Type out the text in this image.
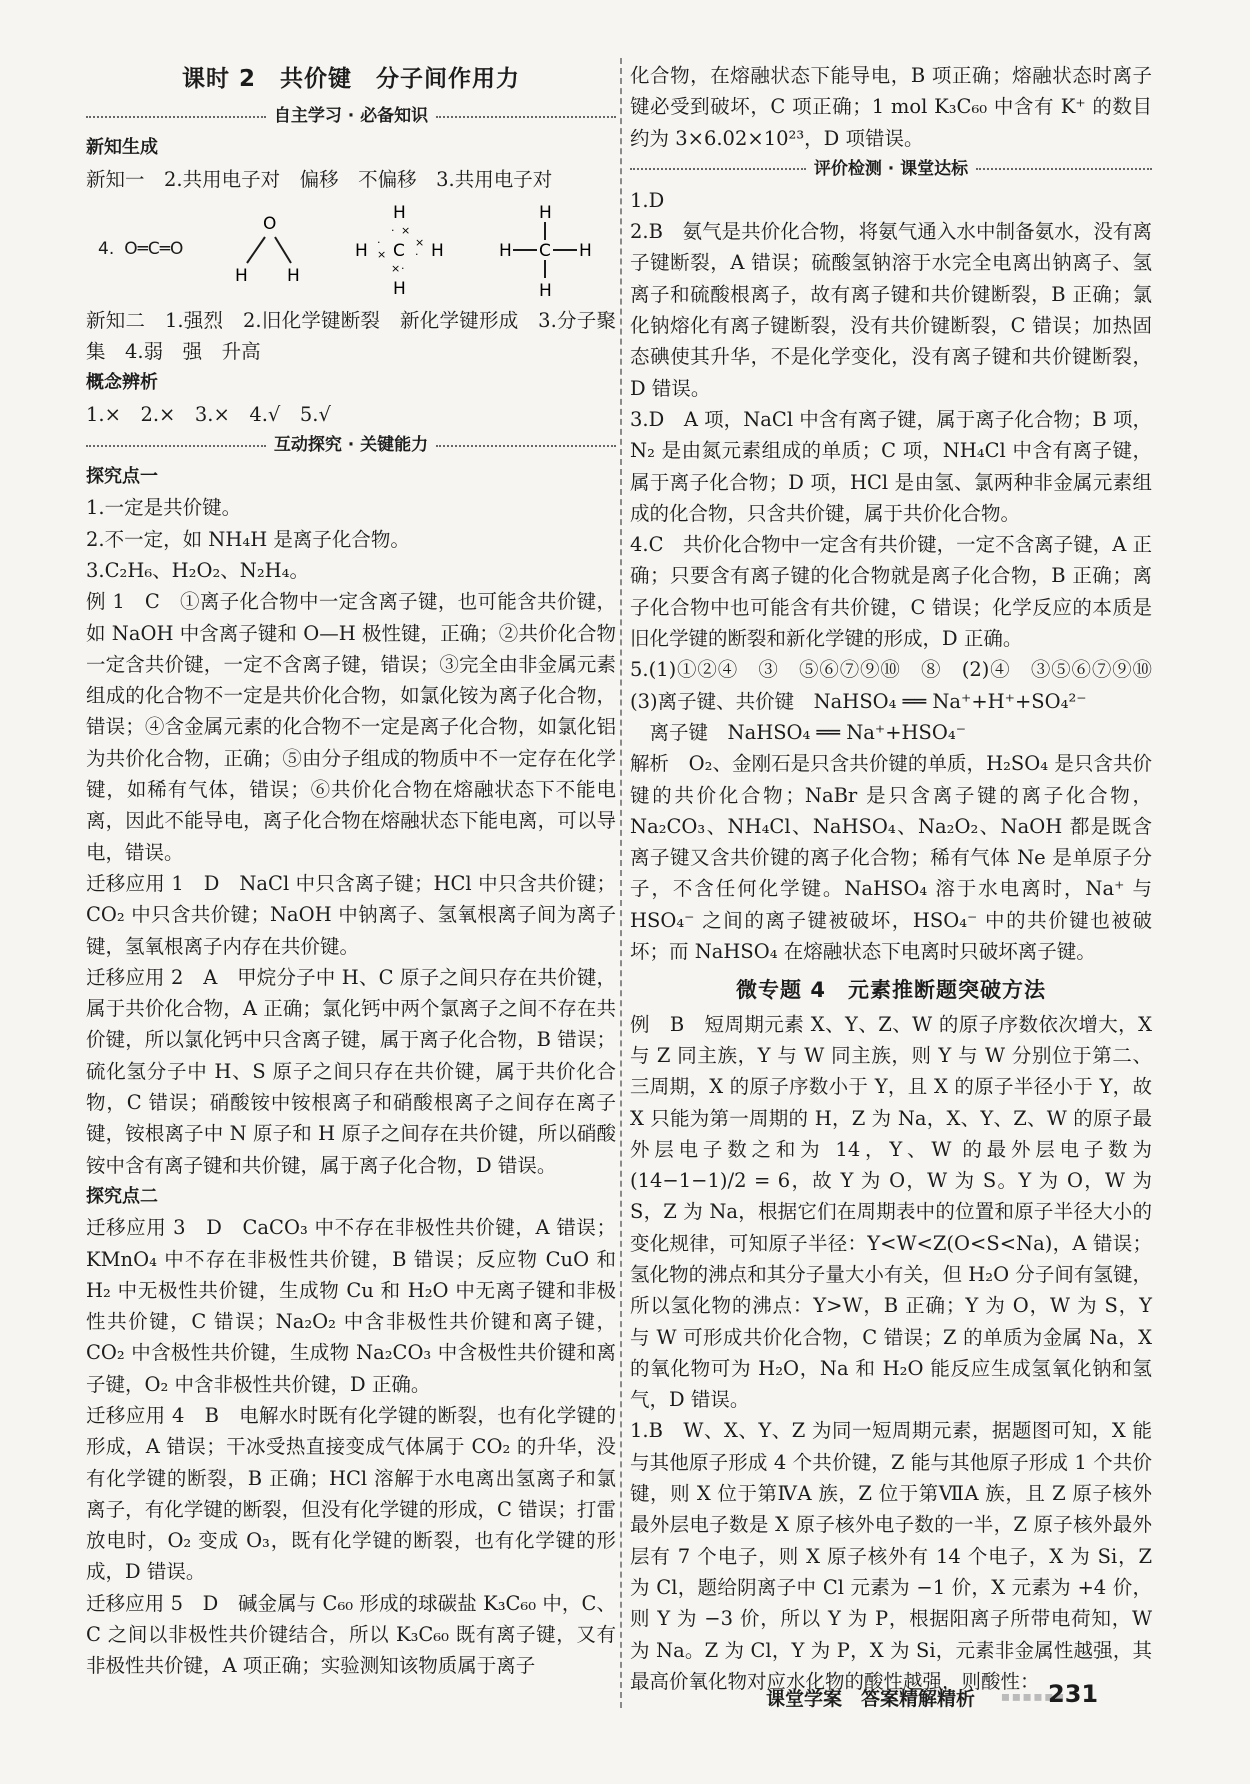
课时 2　共价键　分子间作用力
自主学习 · 必备知识
新知生成

新知一　2.共用电子对　偏移　不偏移　3.共用电子对

4. O═C═O
O
H H
H
C
H
H	H
· ×
× ·
·
×
×
·
H
C
H
H	H

新知二　1.强烈　2.旧化学键断裂　新化学键形成　3.分子聚集　4.弱　强　升高

概念辨析

1.×　2.×　3.×　4.√　5.√

互动探究 · 关键能力
探究点一

1.一定是共价键。

2.不一定，如 NH₄H 是离子化合物。

3.C₂H₆、H₂O₂、N₂H₄。

例 1　C　①离子化合物中一定含离子键，也可能含共价键，如 NaOH 中含离子键和 O—H 极性键，正确；②共价化合物一定含共价键，一定不含离子键，错误；③完全由非金属元素组成的化合物不一定是共价化合物，如氯化铵为离子化合物，错误；④含金属元素的化合物不一定是离子化合物，如氯化铝为共价化合物，正确；⑤由分子组成的物质中不一定存在化学键，如稀有气体，错误；⑥共价化合物在熔融状态下不能电离，因此不能导电，离子化合物在熔融状态下能电离，可以导电，错误。

迁移应用 1　D　NaCl 中只含离子键；HCl 中只含共价键；CO₂ 中只含共价键；NaOH 中钠离子、氢氧根离子间为离子键，氢氧根离子内存在共价键。

迁移应用 2　A　甲烷分子中 H、C 原子之间只存在共价键，属于共价化合物，A 正确；氯化钙中两个氯离子之间不存在共价键，所以氯化钙中只含离子键，属于离子化合物，B 错误；硫化氢分子中 H、S 原子之间只存在共价键，属于共价化合物，C 错误；硝酸铵中铵根离子和硝酸根离子之间存在离子键，铵根离子中 N 原子和 H 原子之间存在共价键，所以硝酸铵中含有离子键和共价键，属于离子化合物，D 错误。

探究点二

迁移应用 3　D　CaCO₃ 中不存在非极性共价键，A 错误；KMnO₄ 中不存在非极性共价键，B 错误；反应物 CuO 和 H₂ 中无极性共价键，生成物 Cu 和 H₂O 中无离子键和非极性共价键，C 错误；Na₂O₂ 中含非极性共价键和离子键，CO₂ 中含极性共价键，生成物 Na₂CO₃ 中含极性共价键和离子键，O₂ 中含非极性共价键，D 正确。

迁移应用 4　B　电解水时既有化学键的断裂，也有化学键的形成，A 错误；干冰受热直接变成气体属于 CO₂ 的升华，没有化学键的断裂，B 正确；HCl 溶解于水电离出氢离子和氯离子，有化学键的断裂，但没有化学键的形成，C 错误；打雷放电时，O₂ 变成 O₃，既有化学键的断裂，也有化学键的形成，D 错误。

迁移应用 5　D　碱金属与 C₆₀ 形成的球碳盐 K₃C₆₀ 中，C、C 之间以非极性共价键结合，所以 K₃C₆₀ 既有离子键，又有非极性共价键，A 项正确；实验测知该物质属于离子

化合物，在熔融状态下能导电，B 项正确；熔融状态时离子键必受到破坏，C 项正确；1 mol K₃C₆₀ 中含有 K⁺ 的数目约为 3×6.02×10²³，D 项错误。

评价检测 · 课堂达标

1.D

2.B　氨气是共价化合物，将氨气通入水中制备氨水，没有离子键断裂，A 错误；硫酸氢钠溶于水完全电离出钠离子、氢离子和硫酸根离子，故有离子键和共价键断裂，B 正确；氯化钠熔化有离子键断裂，没有共价键断裂，C 错误；加热固态碘使其升华，不是化学变化，没有离子键和共价键断裂，D 错误。

3.D　A 项，NaCl 中含有离子键，属于离子化合物；B 项，N₂ 是由氮元素组成的单质；C 项，NH₄Cl 中含有离子键，属于离子化合物；D 项，HCl 是由氢、氯两种非金属元素组成的化合物，只含共价键，属于共价化合物。

4.C　共价化合物中一定含有共价键，一定不含离子键，A 正确；只要含有离子键的化合物就是离子化合物，B 正确；离子化合物中也可能含有共价键，C 错误；化学反应的本质是旧化学键的断裂和新化学键的形成，D 正确。

5.(1)①②④　③　⑤⑥⑦⑨⑩　⑧　(2)④　③⑤⑥⑦⑨⑩　(3)离子键、共价键　NaHSO₄ ══ Na⁺+H⁺+SO₄²⁻

　离子键　NaHSO₄ ══ Na⁺+HSO₄⁻

解析　O₂、金刚石是只含共价键的单质，H₂SO₄ 是只含共价键的共价化合物；NaBr 是只含离子键的离子化合物，Na₂CO₃、NH₄Cl、NaHSO₄、Na₂O₂、NaOH 都是既含离子键又含共价键的离子化合物；稀有气体 Ne 是单原子分子，不含任何化学键。NaHSO₄ 溶于水电离时，Na⁺ 与 HSO₄⁻ 之间的离子键被破坏，HSO₄⁻ 中的共价键也被破坏；而 NaHSO₄ 在熔融状态下电离时只破坏离子键。

微专题 4　元素推断题突破方法

例　B　短周期元素 X、Y、Z、W 的原子序数依次增大，X 与 Z 同主族，Y 与 W 同主族，则 Y 与 W 分别位于第二、三周期，X 的原子序数小于 Y，且 X 的原子半径小于 Y，故 X 只能为第一周期的 H，Z 为 Na，X、Y、Z、W 的原子最外层电子数之和为 14，Y、W 的最外层电子数为 (14−1−1)/2 = 6，故 Y 为 O，W 为 S。Y 为 O，W 为 S，Z 为 Na，根据它们在周期表中的位置和原子半径大小的变化规律，可知原子半径：Y<W<Z(O<S<Na)，A 错误；氢化物的沸点和其分子量大小有关，但 H₂O 分子间有氢键，所以氢化物的沸点：Y>W，B 正确；Y 为 O，W 为 S，Y 与 W 可形成共价化合物，C 错误；Z 的单质为金属 Na，X 的氧化物可为 H₂O，Na 和 H₂O 能反应生成氢氧化钠和氢气，D 错误。

1.B　W、X、Y、Z 为同一短周期元素，据题图可知，X 能与其他原子形成 4 个共价键，Z 能与其他原子形成 1 个共价键，则 X 位于第ⅣA 族，Z 位于第ⅦA 族，且 Z 原子核外最外层电子数是 X 原子核外电子数的一半，Z 原子核外最外层有 7 个电子，则 X 原子核外有 14 个电子，X 为 Si，Z 为 Cl，题给阴离子中 Cl 元素为 −1 价，X 元素为 +4 价，则 Y 为 −3 价，所以 Y 为 P，根据阳离子所带电荷知，W 为 Na。Z 为 Cl，Y 为 P，X 为 Si，元素非金属性越强，其最高价氧化物对应水化物的酸性越强，则酸性：

课堂学案　答案精解精析 ▪▪▪▪▪▪
231
